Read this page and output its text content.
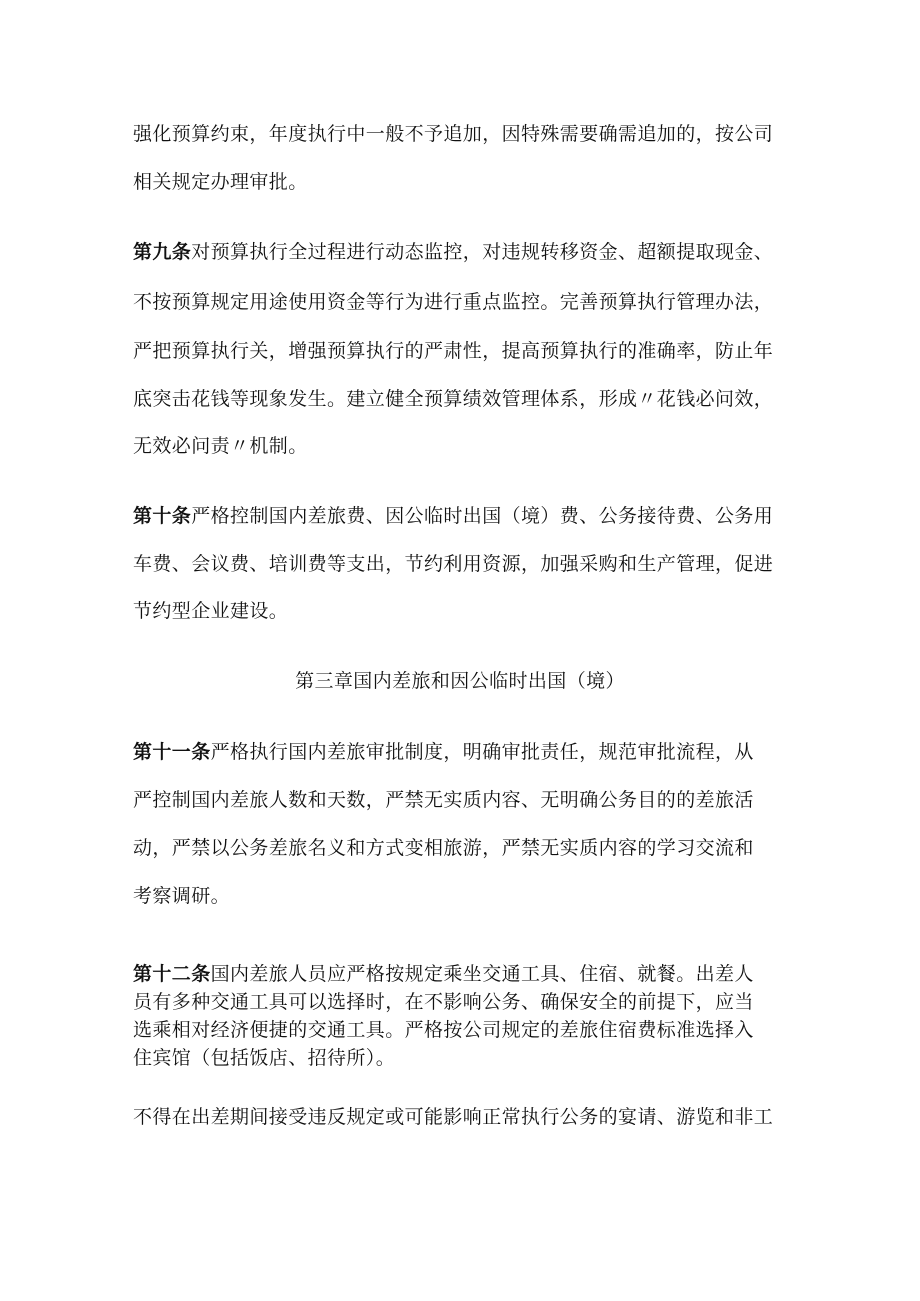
强化预算约束，年度执行中一般不予追加，因特殊需要确需追加的，按公司
相关规定办理审批。
第九条对预算执行全过程进行动态监控，对违规转移资金、超额提取现金、
不按预算规定用途使用资金等行为进行重点监控。完善预算执行管理办法，
严把预算执行关，增强预算执行的严肃性，提高预算执行的准确率，防止年
底突击花钱等现象发生。建立健全预算绩效管理体系，形成〃花钱必问效，
无效必问责〃机制。
第十条严格控制国内差旅费、因公临时出国（境）费、公务接待费、公务用
车费、会议费、培训费等支出，节约利用资源，加强采购和生产管理，促进
节约型企业建设。
第三章国内差旅和因公临时出国（境）
第十一条严格执行国内差旅审批制度，明确审批责任，规范审批流程，从
严控制国内差旅人数和天数，严禁无实质内容、无明确公务目的的差旅活
动，严禁以公务差旅名义和方式变相旅游，严禁无实质内容的学习交流和
考察调研。
第十二条国内差旅人员应严格按规定乘坐交通工具、住宿、就餐。出差人
员有多种交通工具可以选择时，在不影响公务、确保安全的前提下，应当
选乘相对经济便捷的交通工具。严格按公司规定的差旅住宿费标准选择入
住宾馆（包括饭店、招待所）。
不得在出差期间接受违反规定或可能影响正常执行公务的宴请、游览和非工
